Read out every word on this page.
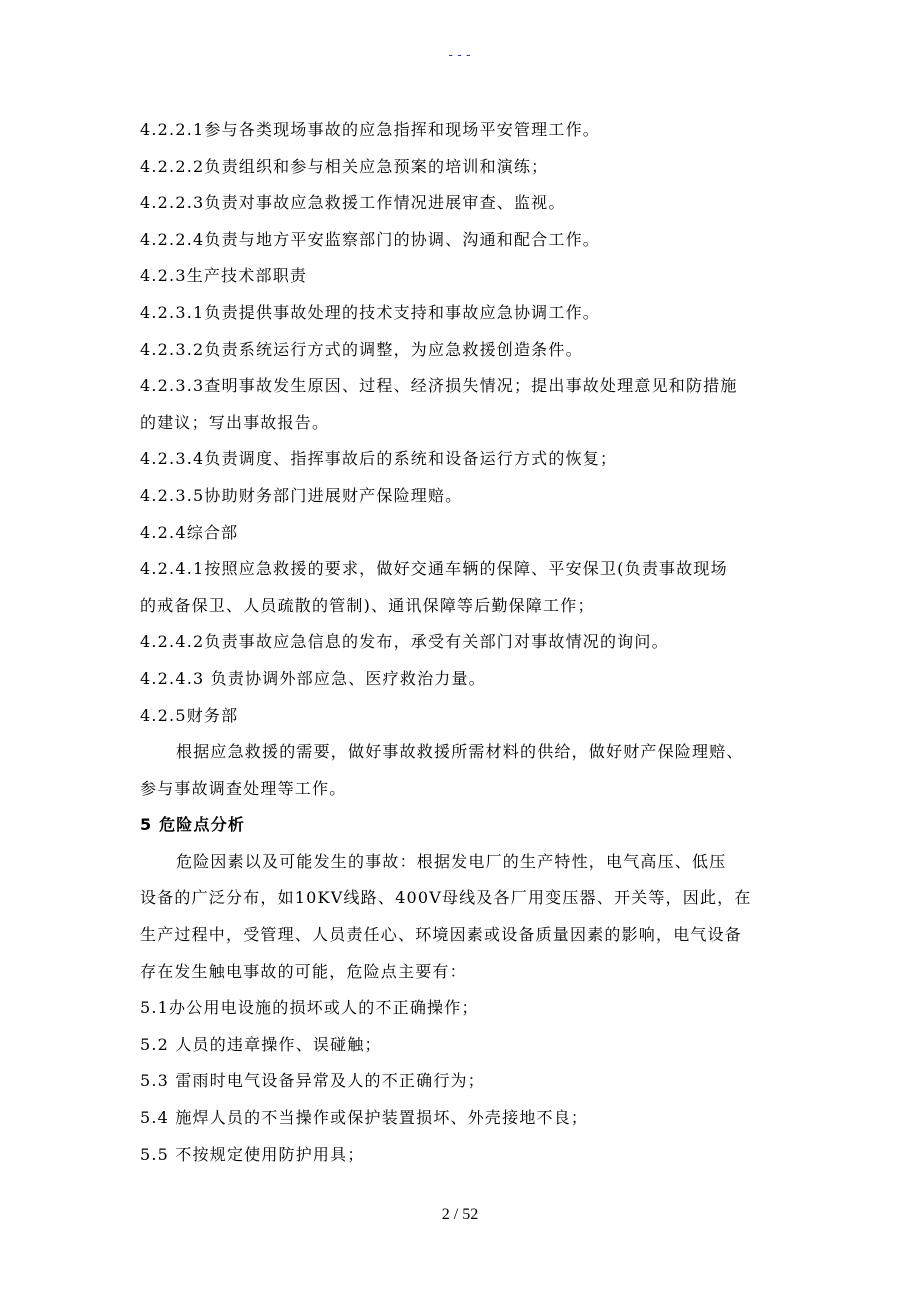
---
4.2.2.1参与各类现场事故的应急指挥和现场平安管理工作。
4.2.2.2负责组织和参与相关应急预案的培训和演练；
4.2.2.3负责对事故应急救援工作情况进展审查、监视。
4.2.2.4负责与地方平安监察部门的协调、沟通和配合工作。
4.2.3生产技术部职责
4.2.3.1负责提供事故处理的技术支持和事故应急协调工作。
4.2.3.2负责系统运行方式的调整，为应急救援创造条件。
4.2.3.3查明事故发生原因、过程、经济损失情况；提出事故处理意见和防措施
的建议；写出事故报告。
4.2.3.4负责调度、指挥事故后的系统和设备运行方式的恢复；
4.2.3.5协助财务部门进展财产保险理赔。
4.2.4综合部
4.2.4.1按照应急救援的要求，做好交通车辆的保障、平安保卫(负责事故现场
的戒备保卫、人员疏散的管制)、通讯保障等后勤保障工作；
4.2.4.2负责事故应急信息的发布，承受有关部门对事故情况的询问。
4.2.4.3 负责协调外部应急、医疗救治力量。
4.2.5财务部
根据应急救援的需要，做好事故救援所需材料的供给，做好财产保险理赔、
参与事故调查处理等工作。
5 危险点分析
危险因素以及可能发生的事故：根据发电厂的生产特性，电气高压、低压
设备的广泛分布，如10KV线路、400V母线及各厂用变压器、开关等，因此，在
生产过程中，受管理、人员责任心、环境因素或设备质量因素的影响，电气设备
存在发生触电事故的可能，危险点主要有：
5.1办公用电设施的损坏或人的不正确操作；
5.2 人员的违章操作、误碰触；
5.3 雷雨时电气设备异常及人的不正确行为；
5.4 施焊人员的不当操作或保护装置损坏、外壳接地不良；
5.5 不按规定使用防护用具；
2 / 52
